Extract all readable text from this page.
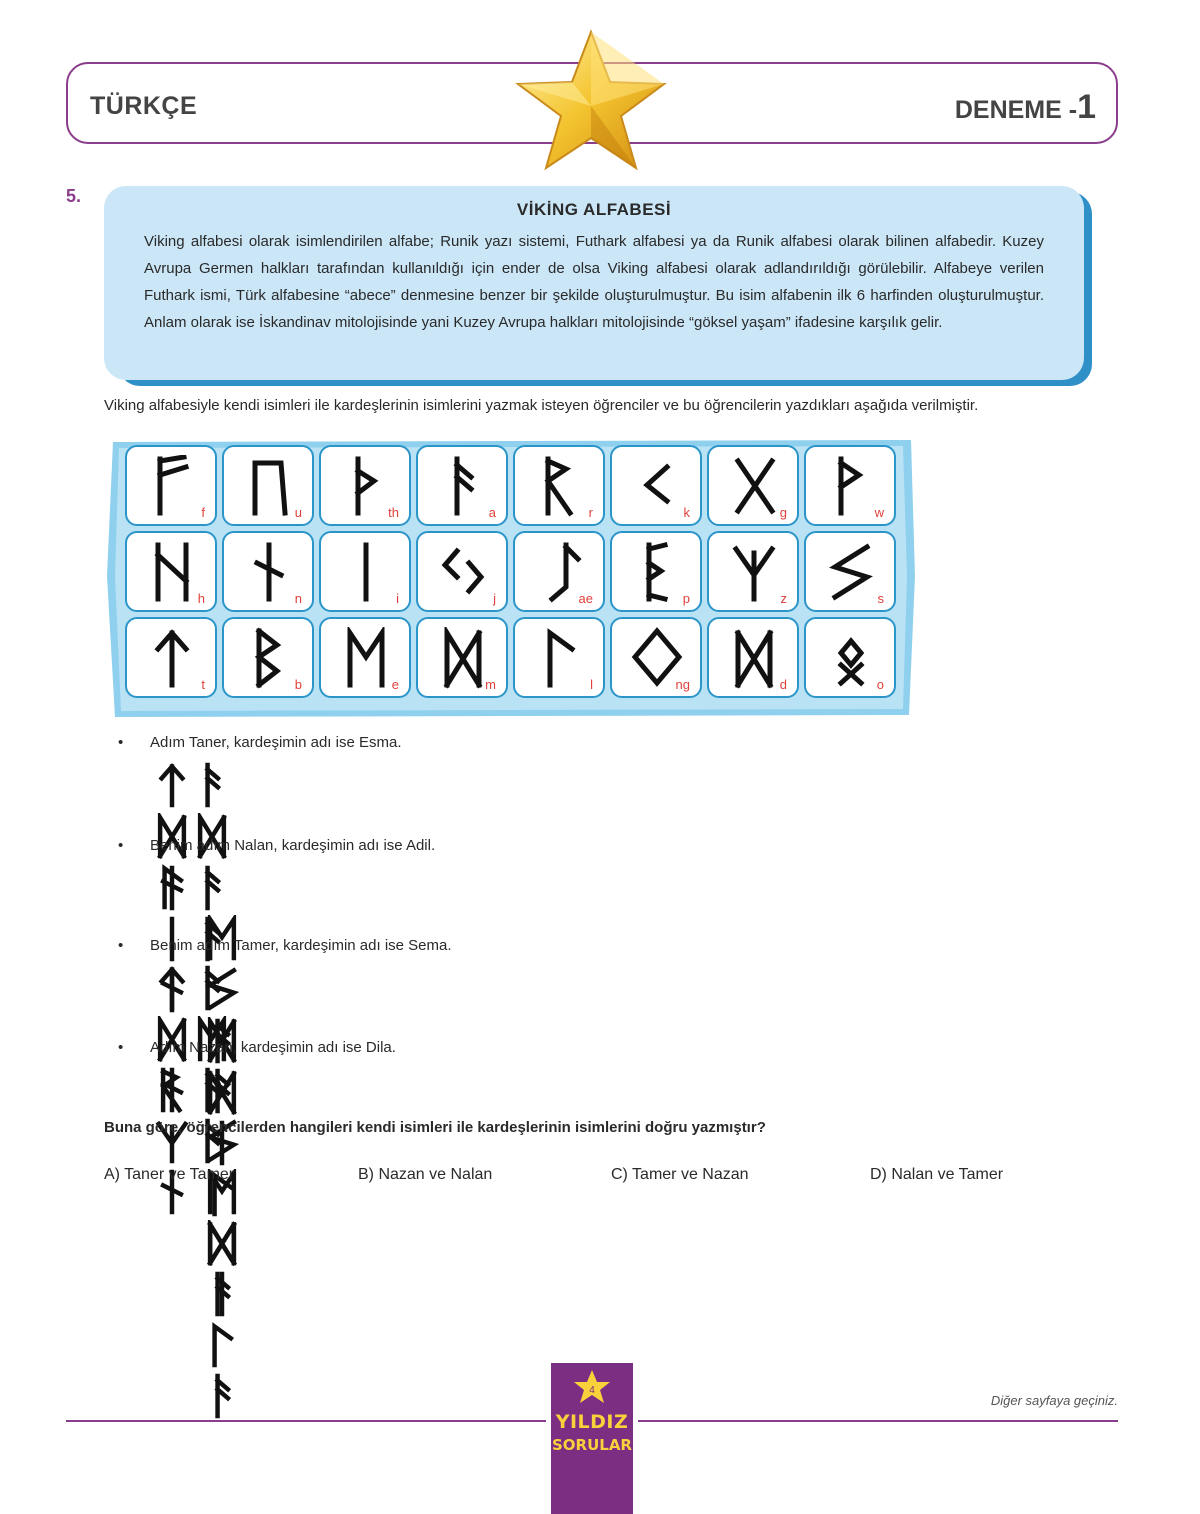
TÜRKÇE	DENEME -1
5.
VİKİNG ALFABESİ
Viking alfabesi olarak isimlendirilen alfabe; Runik yazı sistemi, Futhark alfabesi ya da Runik alfabesi olarak bilinen alfabedir. Kuzey Avrupa Germen halkları tarafından kullanıldığı için ender de olsa Viking alfabesi olarak adlandırıldığı görülebilir. Alfabeye verilen Futhark ismi, Türk alfabesine “abece” denmesine benzer bir şekilde oluşturulmuştur. Bu isim alfabenin ilk 6 harfinden oluşturulmuştur. Anlam olarak ise İskandinav mitolojisinde yani Kuzey Avrupa halkları mitolojisinde “göksel yaşam” ifadesine karşılık gelir.
Viking alfabesiyle kendi isimleri ile kardeşlerinin isimlerini yazmak isteyen öğrenciler ve bu öğrencilerin yazdıkları aşağıda verilmiştir.
f	u	th	a	r	k	g	w
h	n	i	j	ae	p	z	s
t	b	e	m	l	ng	d	o
• Adım Taner, kardeşimin adı ise Esma.
• Benim adım Nalan, kardeşimin adı ise Adil.
• Benim adım Tamer, kardeşimin adı ise Sema.
• Adım Nazan, kardeşimin adı ise Dila.
Buna göre, öğrencilerden hangileri kendi isimleri ile kardeşlerinin isimlerini doğru yazmıştır?
A) Taner ve Tamer	B) Nazan ve Nalan	C) Tamer ve Nazan	D) Nalan ve Tamer
Diğer sayfaya geçiniz.
4
YILDIZ
SORULAR
